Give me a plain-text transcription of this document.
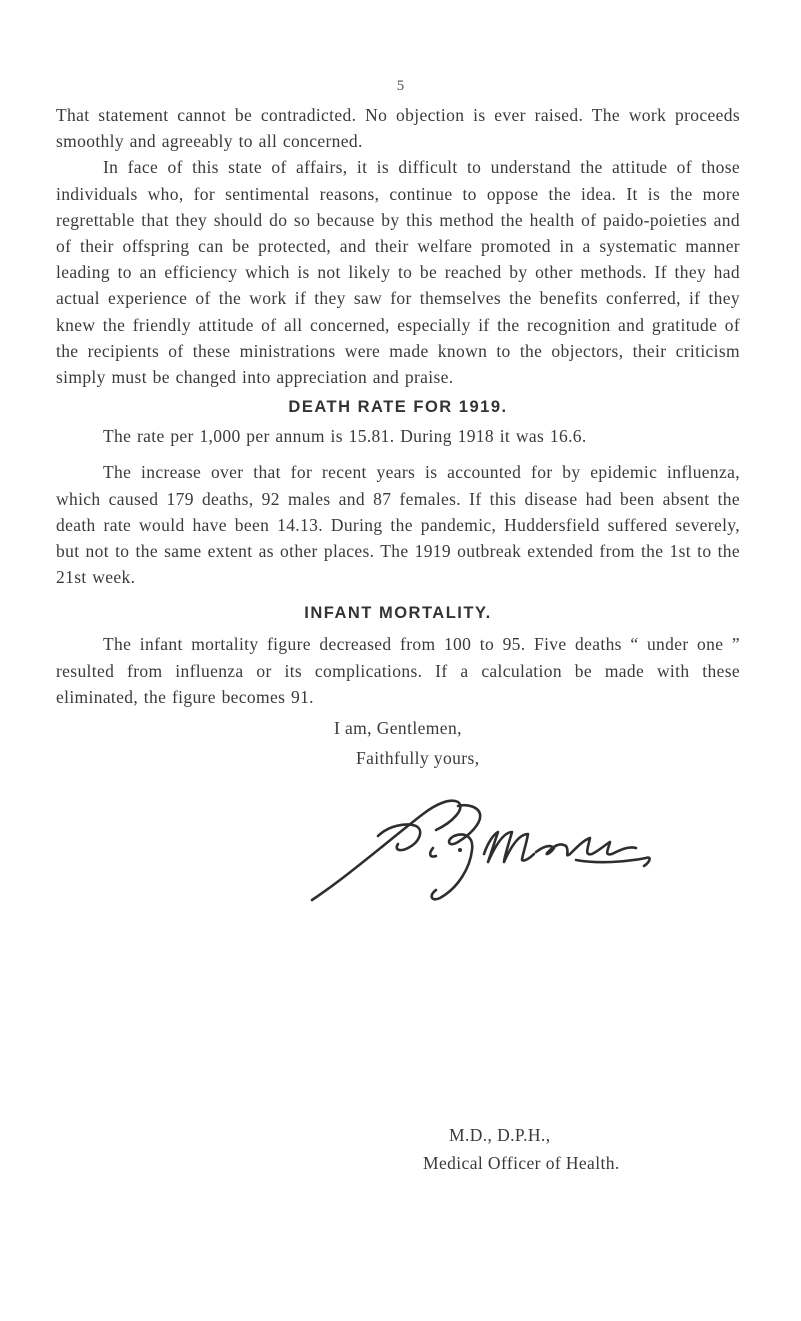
5

That statement cannot be contradicted. No objection is ever raised. The work proceeds smoothly and agreeably to all concerned.

In face of this state of affairs, it is difficult to understand the attitude of those individuals who, for sentimental reasons, continue to oppose the idea. It is the more regrettable that they should do so because by this method the health of paido-poieties and of their offspring can be protected, and their welfare promoted in a systematic manner leading to an efficiency which is not likely to be reached by other methods. If they had actual experience of the work if they saw for themselves the benefits conferred, if they knew the friendly attitude of all concerned, especially if the recognition and gratitude of the recipients of these ministrations were made known to the objectors, their criticism simply must be changed into appreciation and praise.

DEATH RATE FOR 1919.

The rate per 1,000 per annum is 15.81. During 1918 it was 16.6.

The increase over that for recent years is accounted for by epidemic influenza, which caused 179 deaths, 92 males and 87 females. If this disease had been absent the death rate would have been 14.13. During the pandemic, Huddersfield suffered severely, but not to the same extent as other places. The 1919 outbreak extended from the 1st to the 21st week.

INFANT MORTALITY.

The infant mortality figure decreased from 100 to 95. Five deaths “ under one ” resulted from influenza or its complications. If a calculation be made with these eliminated, the figure becomes 91.

I am, Gentlemen,
Faithfully yours,
M.D., D.P.H.,
Medical Officer of Health.
